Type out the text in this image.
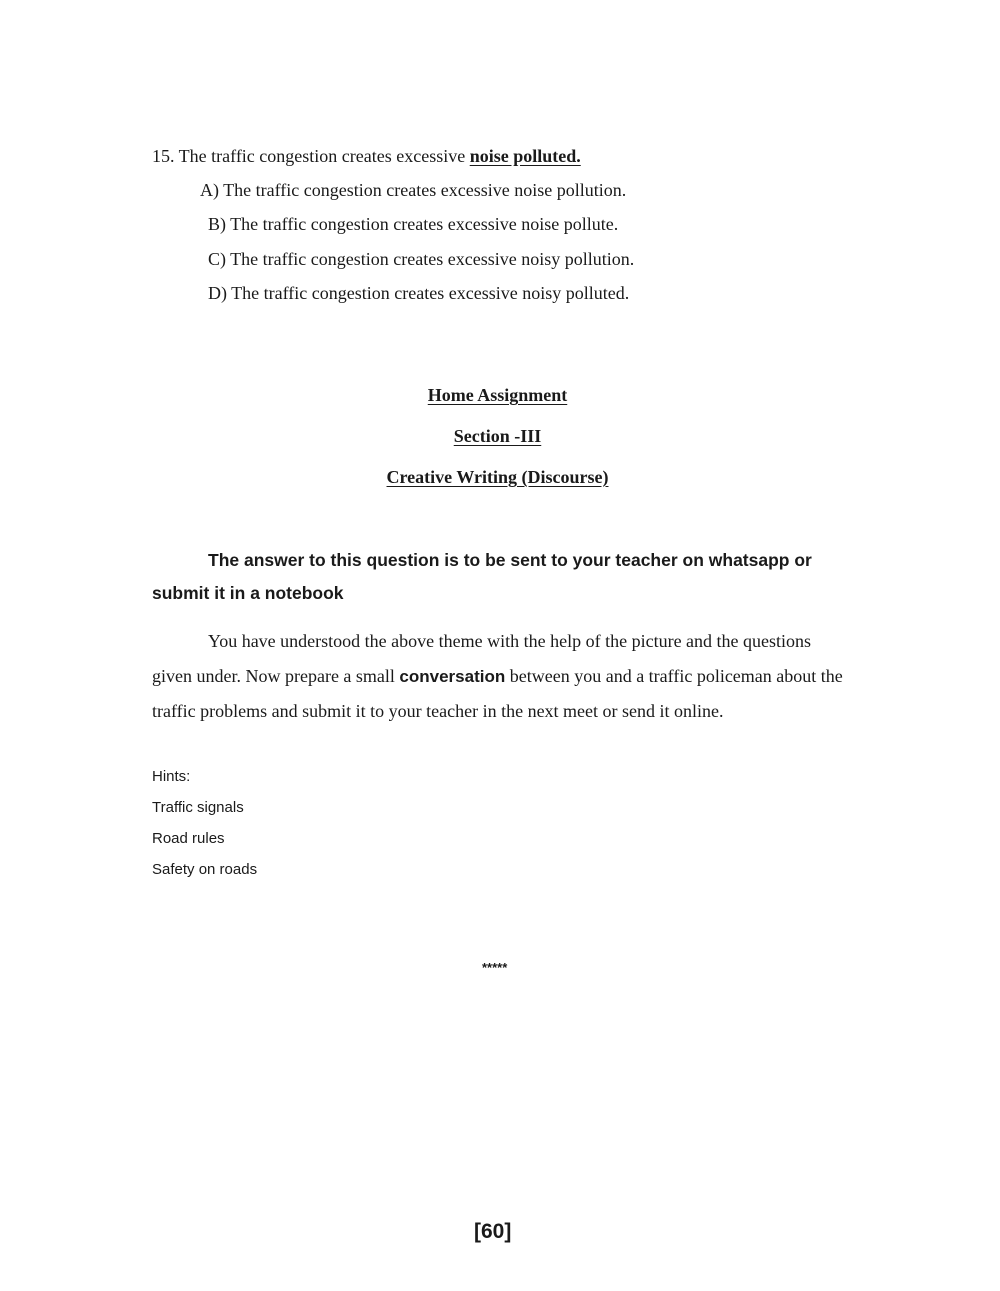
15. The traffic congestion creates excessive noise polluted.
A) The traffic congestion creates excessive noise pollution.
B) The traffic congestion creates excessive noise pollute.
C) The traffic congestion creates excessive noisy pollution.
D) The traffic congestion creates excessive noisy polluted.
Home Assignment
Section -III
Creative Writing (Discourse)
The answer to this question is to be sent to your teacher on whatsapp or
submit it in a notebook
You have understood the above theme with the help of the picture and the questions given under. Now prepare a small conversation between you and a traffic policeman about the traffic problems and submit it to your teacher in the next meet or send it online.
Hints:
Traffic signals
Road rules
Safety on roads
*****
[60]
